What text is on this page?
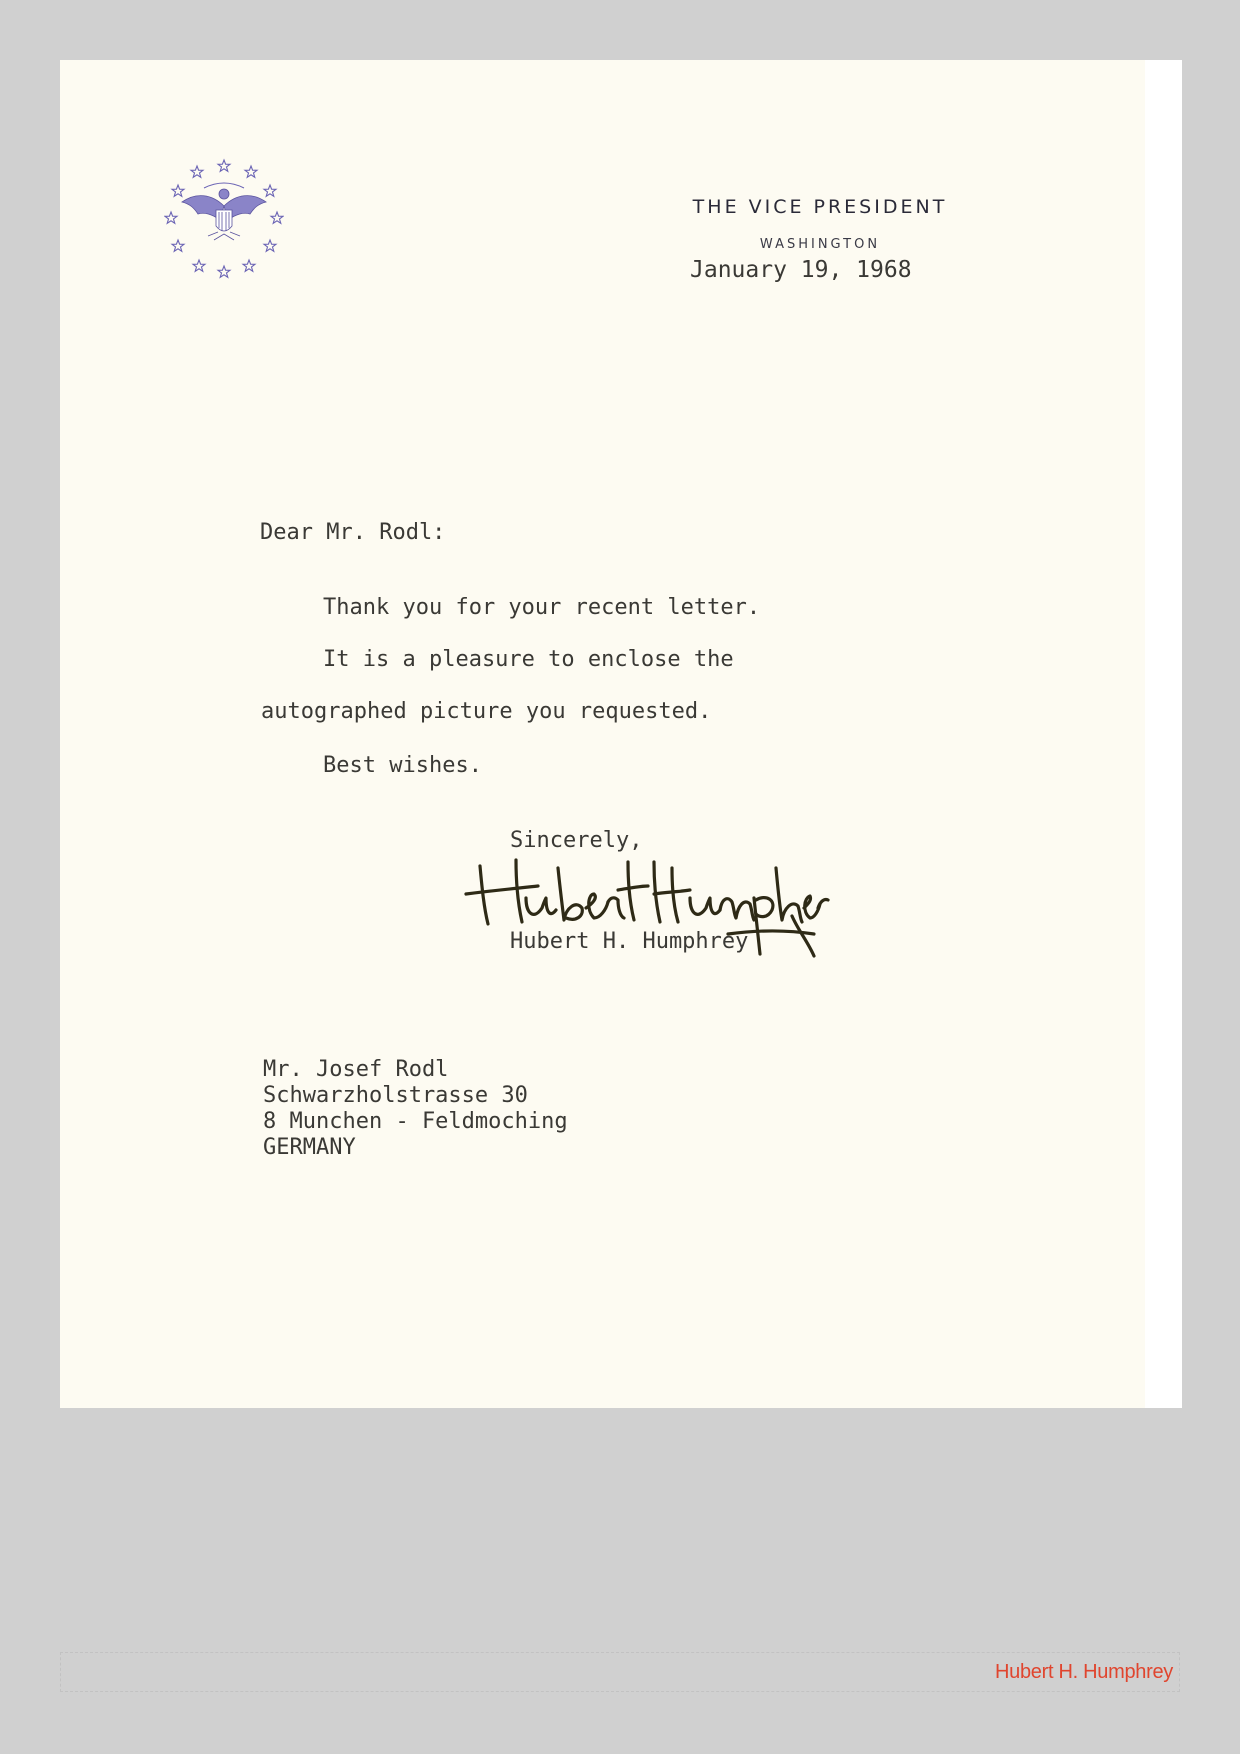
THE VICE PRESIDENT
WASHINGTON
January 19, 1968
Dear Mr. Rodl:
Thank you for your recent letter.
It is a pleasure to enclose the
autographed picture you requested.
Best wishes.
Sincerely,
Hubert H. Humphrey
Mr. Josef Rodl
Schwarzholstrasse 30
8 Munchen - Feldmoching
GERMANY
Hubert H. Humphrey
